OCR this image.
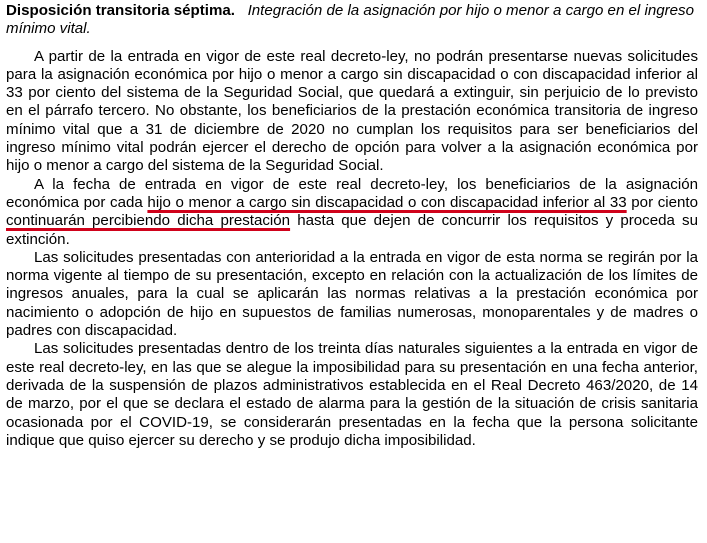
Disposición transitoria séptima. Integración de la asignación por hijo o menor a cargo en el ingreso mínimo vital.

A partir de la entrada en vigor de este real decreto-ley, no podrán presentarse nuevas solicitudes para la asignación económica por hijo o menor a cargo sin discapacidad o con discapacidad inferior al 33 por ciento del sistema de la Seguridad Social, que quedará a extinguir, sin perjuicio de lo previsto en el párrafo tercero. No obstante, los beneficiarios de la prestación económica transitoria de ingreso mínimo vital que a 31 de diciembre de 2020 no cumplan los requisitos para ser beneficiarios del ingreso mínimo vital podrán ejercer el derecho de opción para volver a la asignación económica por hijo o menor a cargo del sistema de la Seguridad Social.

A la fecha de entrada en vigor de este real decreto-ley, los beneficiarios de la asignación económica por cada hijo o menor a cargo sin discapacidad o con discapacidad inferior al 33 por ciento continuarán percibiendo dicha prestación hasta que dejen de concurrir los requisitos y proceda su extinción.

Las solicitudes presentadas con anterioridad a la entrada en vigor de esta norma se regirán por la norma vigente al tiempo de su presentación, excepto en relación con la actualización de los límites de ingresos anuales, para la cual se aplicarán las normas relativas a la prestación económica por nacimiento o adopción de hijo en supuestos de familias numerosas, monoparentales y de madres o padres con discapacidad.

Las solicitudes presentadas dentro de los treinta días naturales siguientes a la entrada en vigor de este real decreto-ley, en las que se alegue la imposibilidad para su presentación en una fecha anterior, derivada de la suspensión de plazos administrativos establecida en el Real Decreto 463/2020, de 14 de marzo, por el que se declara el estado de alarma para la gestión de la situación de crisis sanitaria ocasionada por el COVID-19, se considerarán presentadas en la fecha que la persona solicitante indique que quiso ejercer su derecho y se produjo dicha imposibilidad.
